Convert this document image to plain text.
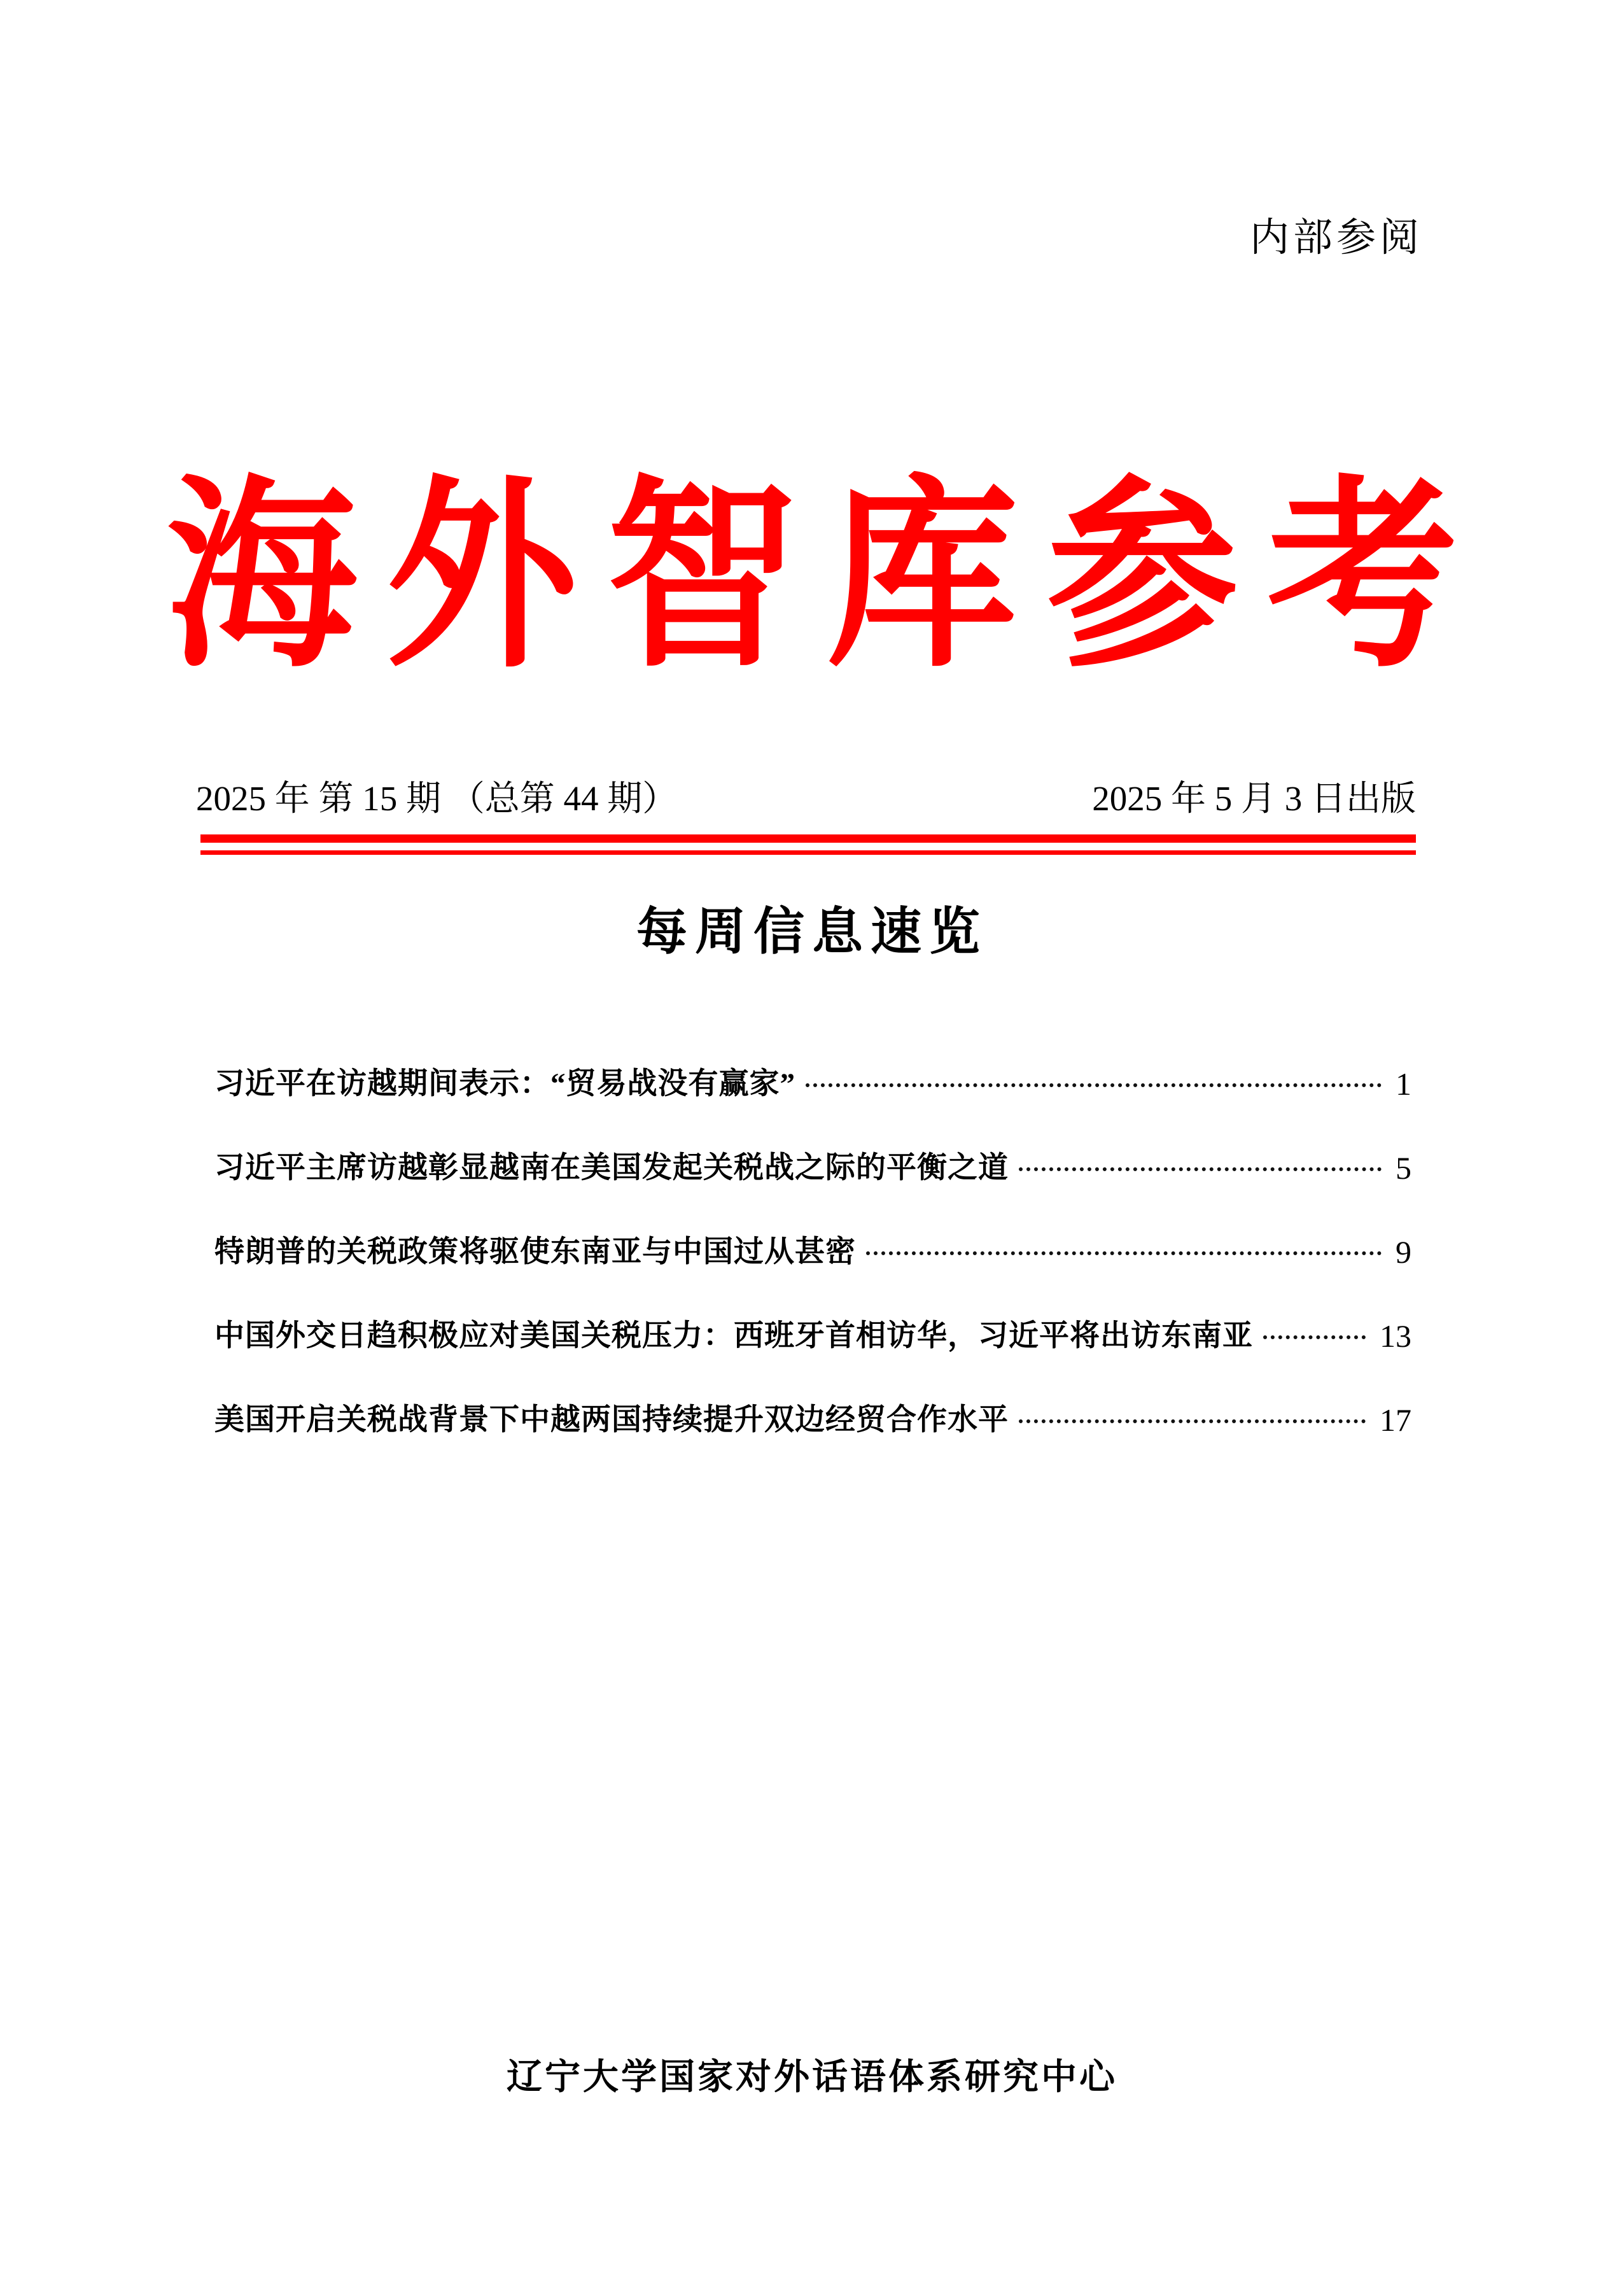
内部参阅
海外智库参考
2025 年 第 15 期 （总第 44 期）	2025 年 5 月 3 日出版
每周信息速览
习近平在访越期间表示：“贸易战没有赢家”	1
习近平主席访越彰显越南在美国发起关税战之际的平衡之道	5
特朗普的关税政策将驱使东南亚与中国过从甚密	9
中国外交日趋积极应对美国关税压力：西班牙首相访华，习近平将出访东南亚	13
美国开启关税战背景下中越两国持续提升双边经贸合作水平	17
辽宁大学国家对外话语体系研究中心
